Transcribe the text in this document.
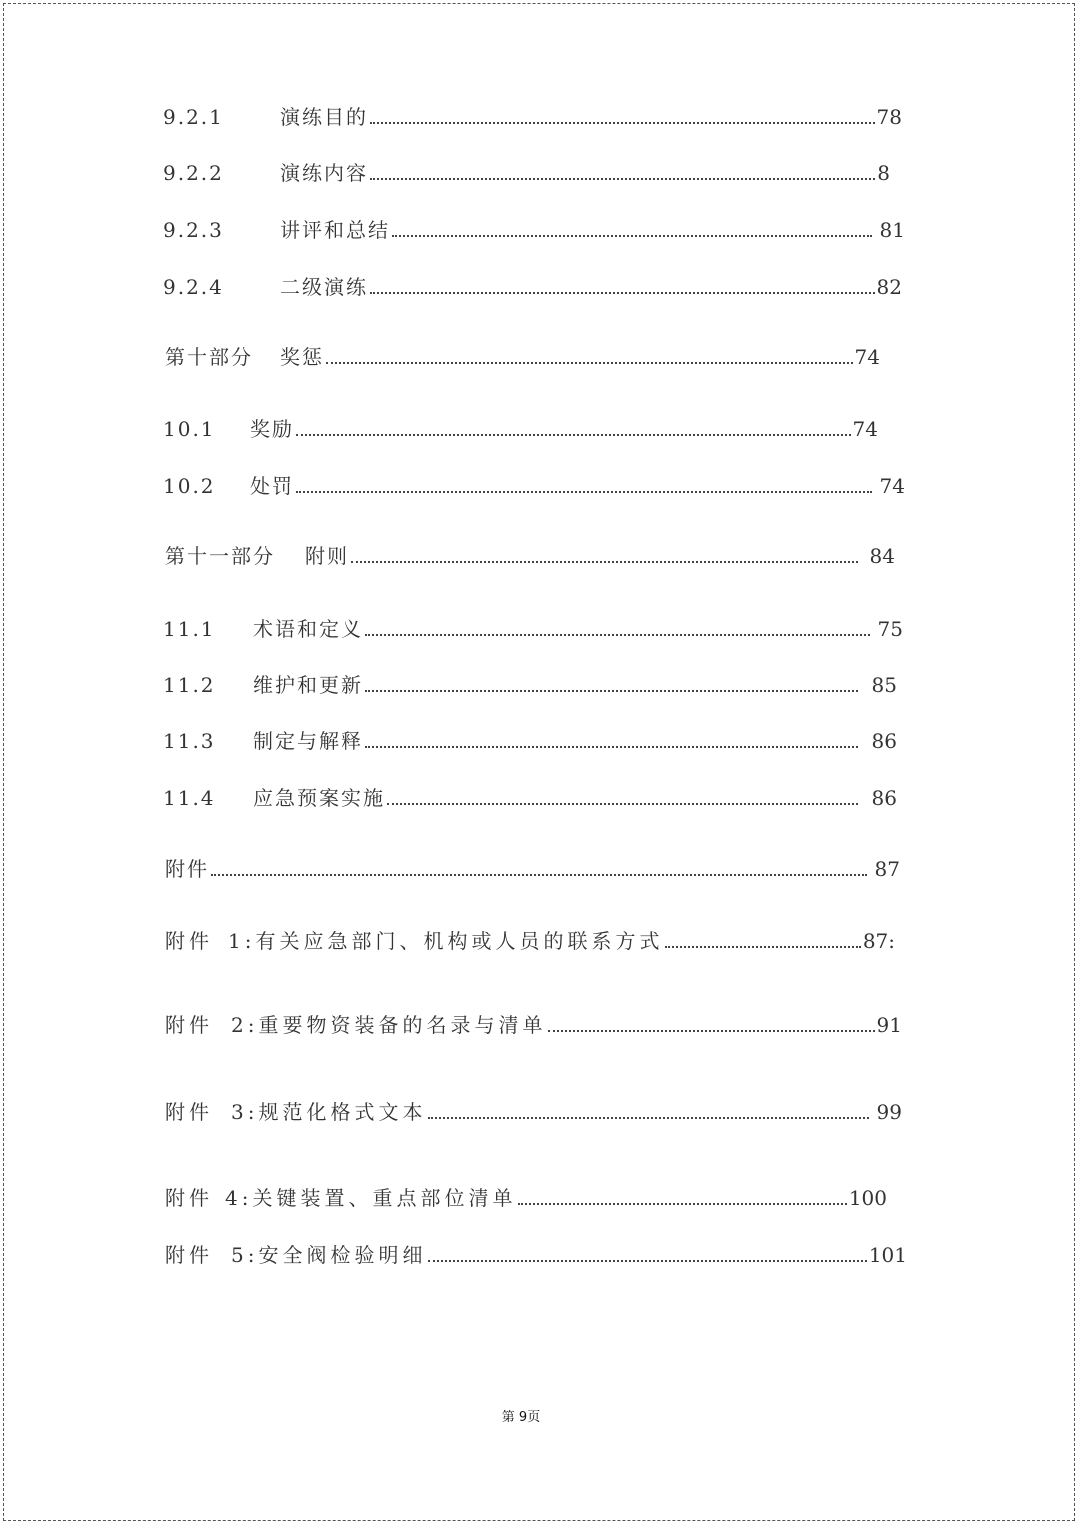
9.2.1	演练目的	78
9.2.2	演练内容	8
9.2.3	讲评和总结	81
9.2.4	二级演练	82
第十部分	奖惩	74
10.1	奖励	74
10.2	处罚	74
第十一部分	附则	84
11.1	术语和定义	75
11.2	维护和更新	85
11.3	制定与解释	86
11.4	应急预案实施	86
附件	87
附件 1:有关应急部门、机构或人员的联系方式	87:
附件 2:重要物资装备的名录与清单	91
附件 3:规范化格式文本	99
附件 4:关键装置、重点部位清单	100
附件 5:安全阀检验明细	101
第 9页
